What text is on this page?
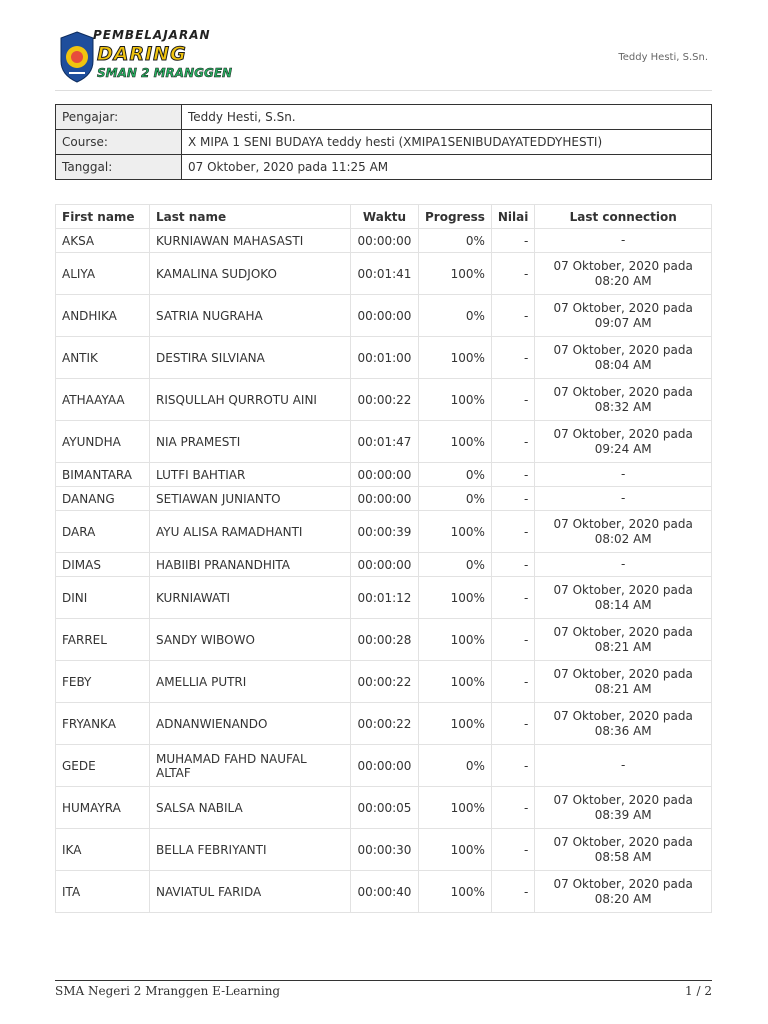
PEMBELAJARAN
DARING
SMAN 2 MRANGGEN
Teddy Hesti, S.Sn.
Pengajar:	Teddy Hesti, S.Sn.
Course:	X MIPA 1 SENI BUDAYA teddy hesti (XMIPA1SENIBUDAYATEDDYHESTI)
Tanggal:	07 Oktober, 2020 pada 11:25 AM
First name	Last name	Waktu	Progress	Nilai	Last connection
AKSA	KURNIAWAN MAHASASTI	00:00:00	0%	-	-

ALIYA	KAMALINA SUDJOKO	00:01:41	100%	-	07 Oktober, 2020 pada
08:20 AM

ANDHIKA	SATRIA NUGRAHA	00:00:00	0%	-	07 Oktober, 2020 pada
09:07 AM

ANTIK	DESTIRA SILVIANA	00:01:00	100%	-	07 Oktober, 2020 pada
08:04 AM

ATHAAYAA	RISQULLAH QURROTU AINI	00:00:22	100%	-	07 Oktober, 2020 pada
08:32 AM

AYUNDHA	NIA PRAMESTI	00:01:47	100%	-	07 Oktober, 2020 pada
09:24 AM

BIMANTARA	LUTFI BAHTIAR	00:00:00	0%	-	-

DANANG	SETIAWAN JUNIANTO	00:00:00	0%	-	-

DARA	AYU ALISA RAMADHANTI	00:00:39	100%	-	07 Oktober, 2020 pada
08:02 AM

DIMAS	HABIIBI PRANANDHITA	00:00:00	0%	-	-

DINI	KURNIAWATI	00:01:12	100%	-	07 Oktober, 2020 pada
08:14 AM

FARREL	SANDY WIBOWO	00:00:28	100%	-	07 Oktober, 2020 pada
08:21 AM

FEBY	AMELLIA PUTRI	00:00:22	100%	-	07 Oktober, 2020 pada
08:21 AM

FRYANKA	ADNANWIENANDO	00:00:22	100%	-	07 Oktober, 2020 pada
08:36 AM

GEDE	MUHAMAD FAHD NAUFAL ALTAF	00:00:00	0%	-	-

HUMAYRA	SALSA NABILA	00:00:05	100%	-	07 Oktober, 2020 pada
08:39 AM

IKA	BELLA FEBRIYANTI	00:00:30	100%	-	07 Oktober, 2020 pada
08:58 AM

ITA	NAVIATUL FARIDA	00:00:40	100%	-	07 Oktober, 2020 pada
08:20 AM
SMA Negeri 2 Mranggen E-Learning	1 / 2
